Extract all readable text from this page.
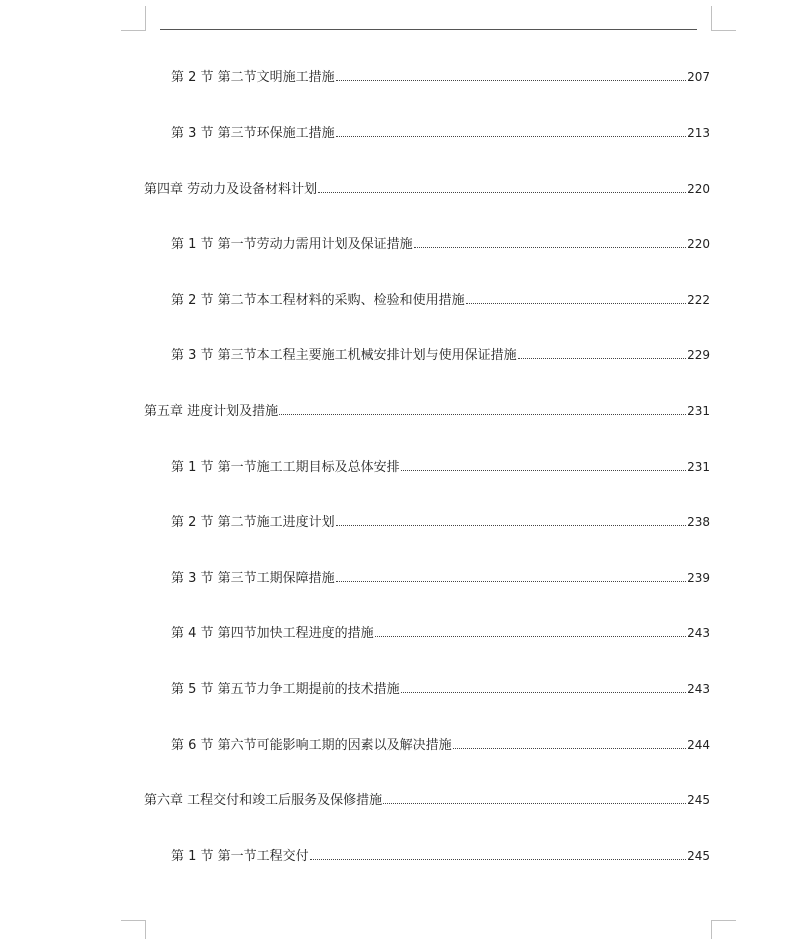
第 2 节 第二节文明施工措施	207
第 3 节 第三节环保施工措施	213
第四章 劳动力及设备材料计划	220
第 1 节 第一节劳动力需用计划及保证措施	220
第 2 节 第二节本工程材料的采购、检验和使用措施	222
第 3 节 第三节本工程主要施工机械安排计划与使用保证措施	229
第五章 进度计划及措施	231
第 1 节 第一节施工工期目标及总体安排	231
第 2 节 第二节施工进度计划	238
第 3 节 第三节工期保障措施	239
第 4 节 第四节加快工程进度的措施	243
第 5 节 第五节力争工期提前的技术措施	243
第 6 节 第六节可能影响工期的因素以及解决措施	244
第六章 工程交付和竣工后服务及保修措施	245
第 1 节 第一节工程交付	245
